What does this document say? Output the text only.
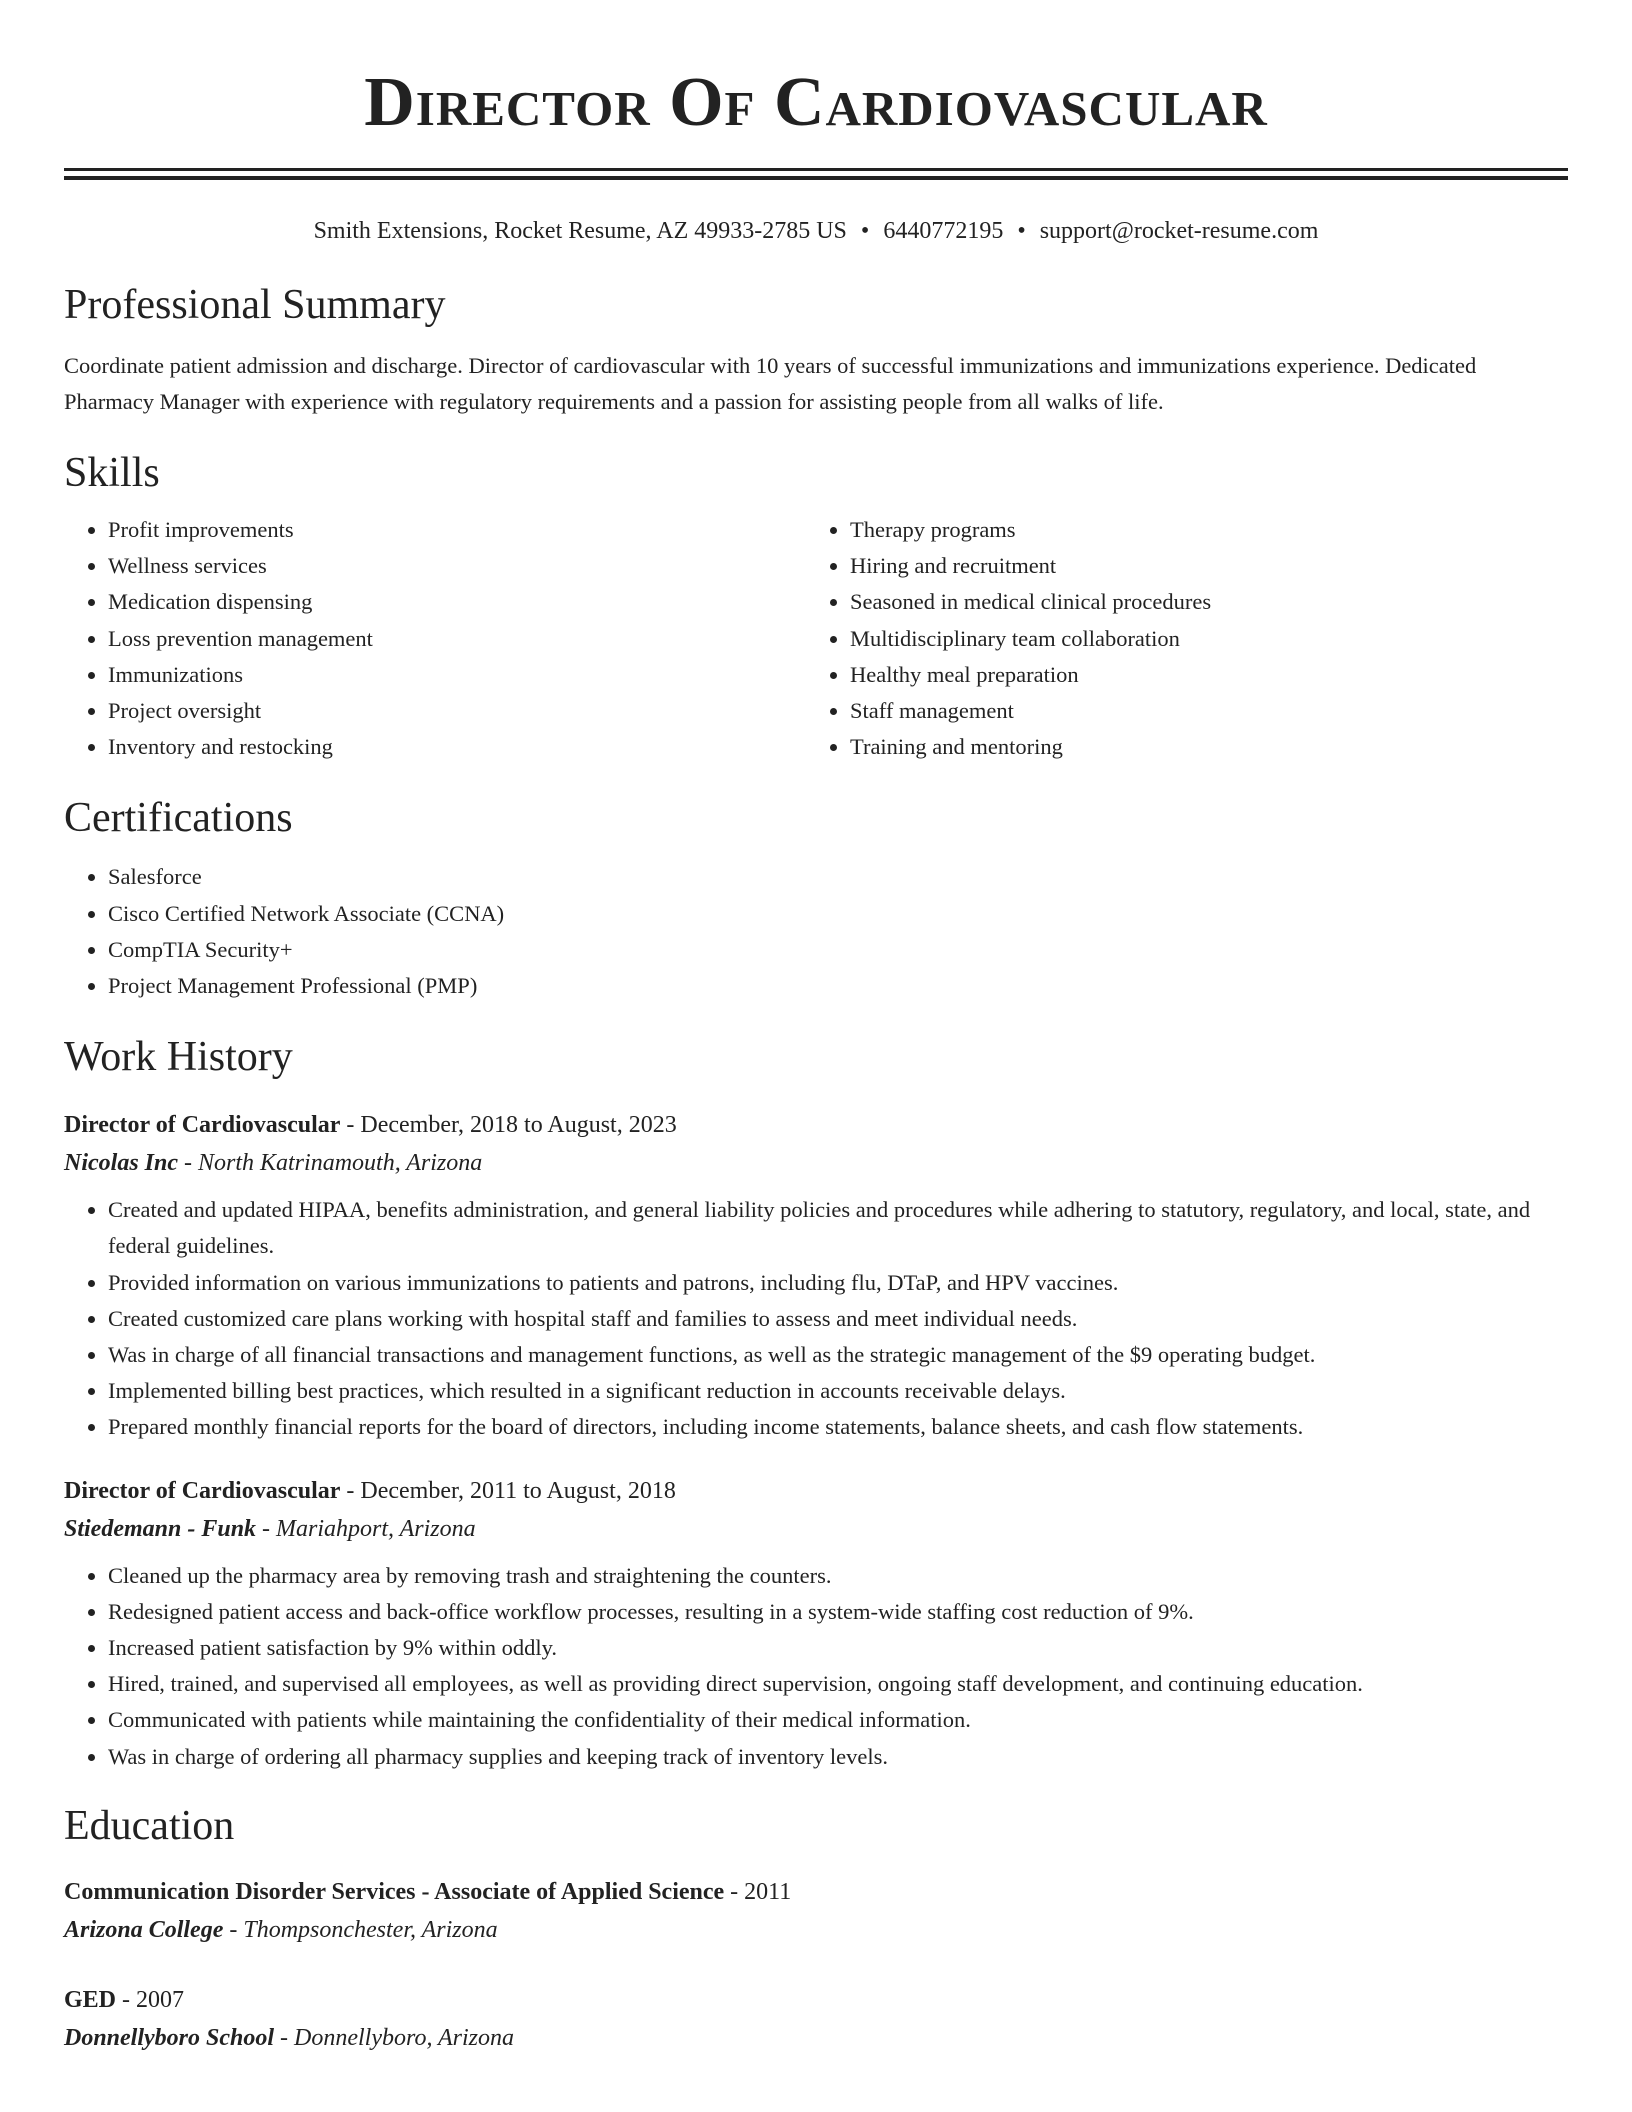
Director Of Cardiovascular
Smith Extensions, Rocket Resume, AZ 49933-2785 US • 6440772195 • support@rocket-resume.com
Professional Summary
Coordinate patient admission and discharge. Director of cardiovascular with 10 years of successful immunizations and immunizations experience. Dedicated Pharmacy Manager with experience with regulatory requirements and a passion for assisting people from all walks of life.
Skills
• Profit improvements
• Wellness services
• Medication dispensing
• Loss prevention management
• Immunizations
• Project oversight
• Inventory and restocking
• Therapy programs
• Hiring and recruitment
• Seasoned in medical clinical procedures
• Multidisciplinary team collaboration
• Healthy meal preparation
• Staff management
• Training and mentoring
Certifications
• Salesforce
• Cisco Certified Network Associate (CCNA)
• CompTIA Security+
• Project Management Professional (PMP)
Work History
Director of Cardiovascular - December, 2018 to August, 2023
Nicolas Inc - North Katrinamouth, Arizona
• Created and updated HIPAA, benefits administration, and general liability policies and procedures while adhering to statutory, regulatory, and local, state, and federal guidelines.
• Provided information on various immunizations to patients and patrons, including flu, DTaP, and HPV vaccines.
• Created customized care plans working with hospital staff and families to assess and meet individual needs.
• Was in charge of all financial transactions and management functions, as well as the strategic management of the $9 operating budget.
• Implemented billing best practices, which resulted in a significant reduction in accounts receivable delays.
• Prepared monthly financial reports for the board of directors, including income statements, balance sheets, and cash flow statements.
Director of Cardiovascular - December, 2011 to August, 2018
Stiedemann - Funk - Mariahport, Arizona
• Cleaned up the pharmacy area by removing trash and straightening the counters.
• Redesigned patient access and back-office workflow processes, resulting in a system-wide staffing cost reduction of 9%.
• Increased patient satisfaction by 9% within oddly.
• Hired, trained, and supervised all employees, as well as providing direct supervision, ongoing staff development, and continuing education.
• Communicated with patients while maintaining the confidentiality of their medical information.
• Was in charge of ordering all pharmacy supplies and keeping track of inventory levels.
Education
Communication Disorder Services - Associate of Applied Science - 2011
Arizona College - Thompsonchester, Arizona
GED - 2007
Donnellyboro School - Donnellyboro, Arizona
